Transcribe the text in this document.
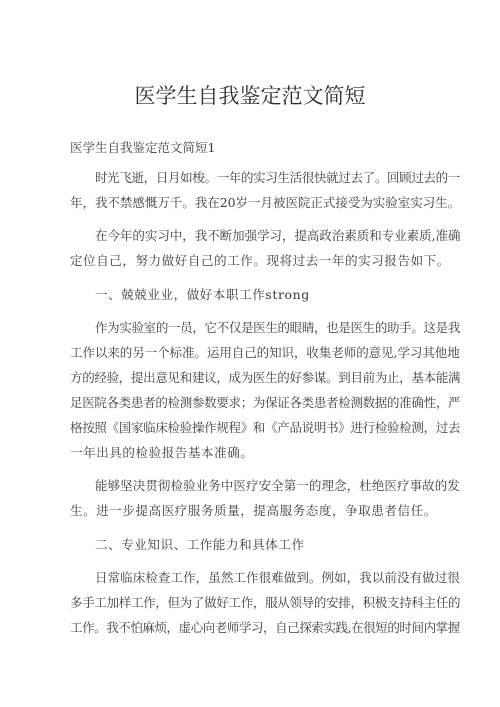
医学生自我鉴定范文简短
医学生自我鉴定范文简短1
时光飞逝，日月如梭。一年的实习生活很快就过去了。回顾过去的一
年，我不禁感慨万千。我在20岁一月被医院正式接受为实验室实习生。
在今年的实习中，我不断加强学习，提高政治素质和专业素质,准确
定位自己，努力做好自己的工作。现将过去一年的实习报告如下。
一、兢兢业业，做好本职工作strong
作为实验室的一员，它不仅是医生的眼睛，也是医生的助手。这是我
工作以来的另一个标准。运用自己的知识，收集老师的意见,学习其他地
方的经验，提出意见和建议，成为医生的好参谋。到目前为止，基本能满
足医院各类患者的检测参数要求；为保证各类患者检测数据的准确性，严
格按照《国家临床检验操作规程》和《产品说明书》进行检验检测，过去
一年出具的检验报告基本准确。
能够坚决贯彻检验业务中医疗安全第一的理念，杜绝医疗事故的发
生。进一步提高医疗服务质量，提高服务态度，争取患者信任。
二、专业知识、工作能力和具体工作
日常临床检查工作，虽然工作很难做到。例如，我以前没有做过很
多手工加样工作，但为了做好工作，服从领导的安排，积极支持科主任的
工作。我不怕麻烦，虚心向老师学习，自己探索实践,在很短的时间内掌握
